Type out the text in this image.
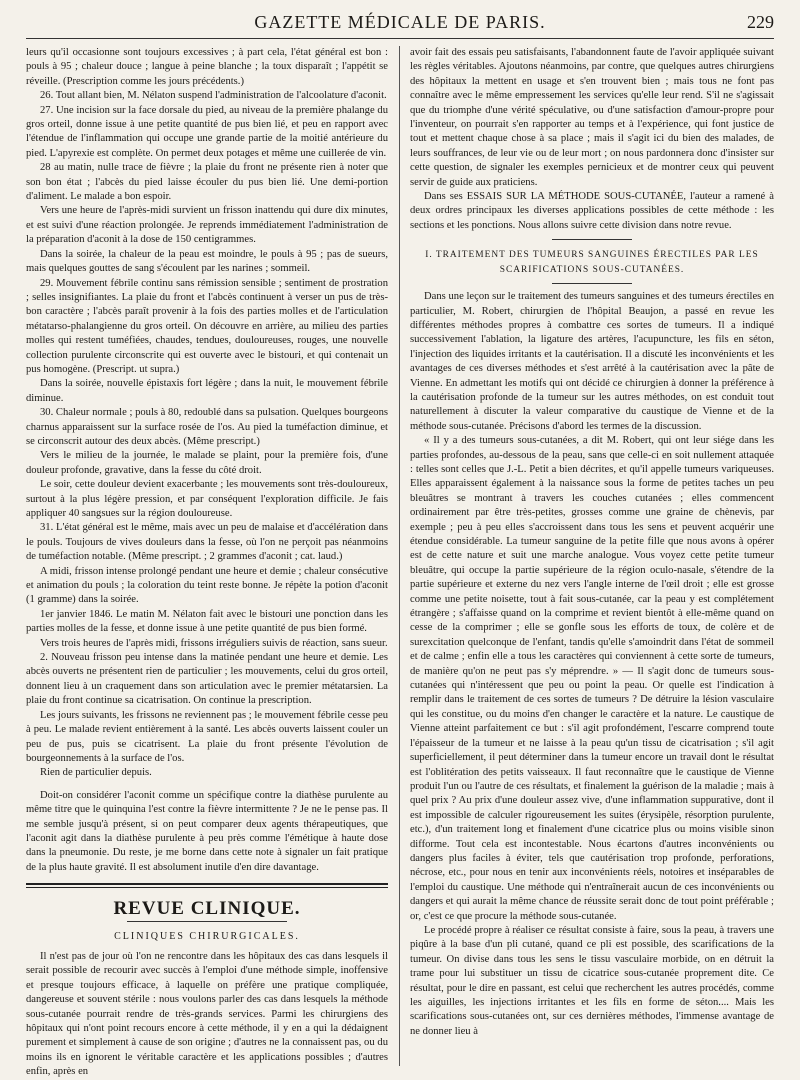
GAZETTE MÉDICALE DE PARIS.	229

leurs qu'il occasionne sont toujours excessives ; à part cela, l'état général est bon : pouls à 95 ; chaleur douce ; langue à peine blanche ; la toux disparaît ; l'appétit se réveille. (Prescription comme les jours précédents.)

26. Tout allant bien, M. Nélaton suspend l'administration de l'alcoolature d'aconit.

27. Une incision sur la face dorsale du pied, au niveau de la première phalange du gros orteil, donne issue à une petite quantité de pus bien lié, et peu en rapport avec l'étendue de l'inflammation qui occupe une grande partie de la moitié antérieure du pied. L'apyrexie est complète. On permet deux potages et même une cuillerée de vin.

28 au matin, nulle trace de fièvre ; la plaie du front ne présente rien à noter que son bon état ; l'abcès du pied laisse écouler du pus bien lié. Une demi-portion d'aliment. Le malade a bon espoir.

Vers une heure de l'après-midi survient un frisson inattendu qui dure dix minutes, et est suivi d'une réaction prolongée. Je reprends immédiatement l'administration de la préparation d'aconit à la dose de 150 centigrammes.

Dans la soirée, la chaleur de la peau est moindre, le pouls à 95 ; pas de sueurs, mais quelques gouttes de sang s'écoulent par les narines ; sommeil.

29. Mouvement fébrile continu sans rémission sensible ; sentiment de prostration ; selles insignifiantes. La plaie du front et l'abcès continuent à verser un pus de très-bon caractère ; l'abcès paraît provenir à la fois des parties molles et de l'articulation métatarso-phalangienne du gros orteil. On découvre en arrière, au milieu des parties molles qui restent tuméfiées, chaudes, tendues, douloureuses, rouges, une nouvelle collection purulente circonscrite qui est ouverte avec le bistouri, et qui contenait un pus homogène. (Prescript. ut supra.)

Dans la soirée, nouvelle épistaxis fort légère ; dans la nuit, le mouvement fébrile diminue.

30. Chaleur normale ; pouls à 80, redoublé dans sa pulsation. Quelques bourgeons charnus apparaissent sur la surface rosée de l'os. Au pied la tuméfaction diminue, et se circonscrit autour des deux abcès. (Même prescript.)

Vers le milieu de la journée, le malade se plaint, pour la première fois, d'une douleur profonde, gravative, dans la fesse du côté droit.

Le soir, cette douleur devient exacerbante ; les mouvements sont très-douloureux, surtout à la plus légère pression, et par conséquent l'exploration difficile. Je fais appliquer 40 sangsues sur la région douloureuse.

31. L'état général est le même, mais avec un peu de malaise et d'accélération dans le pouls. Toujours de vives douleurs dans la fesse, où l'on ne perçoit pas néanmoins de tuméfaction notable. (Même prescript. ; 2 grammes d'aconit ; cat. laud.)

A midi, frisson intense prolongé pendant une heure et demie ; chaleur consécutive et animation du pouls ; la coloration du teint reste bonne. Je répète la potion d'aconit (1 gramme) dans la soirée.

1er janvier 1846. Le matin M. Nélaton fait avec le bistouri une ponction dans les parties molles de la fesse, et donne issue à une petite quantité de pus bien formé.

Vers trois heures de l'après midi, frissons irréguliers suivis de réaction, sans sueur.

2. Nouveau frisson peu intense dans la matinée pendant une heure et demie. Les abcès ouverts ne présentent rien de particulier ; les mouvements, celui du gros orteil, donnent lieu à un craquement dans son articulation avec le premier métatarsien. La plaie du front continue sa cicatrisation. On continue la prescription.

Les jours suivants, les frissons ne reviennent pas ; le mouvement fébrile cesse peu à peu. Le malade revient entièrement à la santé. Les abcès ouverts laissent couler un peu de pus, puis se cicatrisent. La plaie du front présente l'évolution de bourgeonnements à la surface de l'os.

Rien de particulier depuis.

Doit-on considérer l'aconit comme un spécifique contre la diathèse purulente au même titre que le quinquina l'est contre la fièvre intermittente ? Je ne le pense pas. Il me semble jusqu'à présent, si on peut comparer deux agents thérapeutiques, que l'aconit agit dans la diathèse purulente à peu près comme l'émétique à haute dose dans la pneumonie. Du reste, je me borne dans cette note à signaler un fait pratique de la plus haute gravité. Il est absolument inutile d'en dire davantage.

REVUE CLINIQUE.
CLINIQUES CHIRURGICALES.

Il n'est pas de jour où l'on ne rencontre dans les hôpitaux des cas dans lesquels il serait possible de recourir avec succès à l'emploi d'une méthode simple, inoffensive et presque toujours efficace, à laquelle on préfère une pratique compliquée, dangereuse et souvent stérile : nous voulons parler des cas dans lesquels la méthode sous-cutanée pourrait rendre de très-grands services. Parmi les chirurgiens des hôpitaux qui n'ont point recours encore à cette méthode, il y en a qui la dédaignent purement et simplement à cause de son origine ; d'autres ne la connaissent pas, ou du moins ils en ignorent le véritable caractère et les applications possibles ; d'autres enfin, après en

avoir fait des essais peu satisfaisants, l'abandonnent faute de l'avoir appliquée suivant les règles véritables. Ajoutons néanmoins, par contre, que quelques autres chirurgiens des hôpitaux la mettent en usage et s'en trouvent bien ; mais tous ne font pas connaître avec le même empressement les services qu'elle leur rend. S'il ne s'agissait que du triomphe d'une vérité spéculative, ou d'une satisfaction d'amour-propre pour l'inventeur, on pourrait s'en rapporter au temps et à l'expérience, qui font justice de tout et mettent chaque chose à sa place ; mais il s'agit ici du bien des malades, de leurs souffrances, de leur vie ou de leur mort ; on nous pardonnera donc d'insister sur cette question, de signaler les exemples pernicieux et de montrer ceux qui peuvent servir de guide aux praticiens.

Dans ses ESSAIS SUR LA MÉTHODE SOUS-CUTANÉE, l'auteur a ramené à deux ordres principaux les diverses applications possibles de cette méthode : les sections et les ponctions. Nous allons suivre cette division dans notre revue.

I. TRAITEMENT DES TUMEURS SANGUINES ÉRECTILES PAR LES SCARIFICATIONS SOUS-CUTANÉES.

Dans une leçon sur le traitement des tumeurs sanguines et des tumeurs érectiles en particulier, M. Robert, chirurgien de l'hôpital Beaujon, a passé en revue les différentes méthodes propres à combattre ces sortes de tumeurs. Il a indiqué successivement l'ablation, la ligature des artères, l'acupuncture, les fils en séton, l'injection des liquides irritants et la cautérisation. Il a discuté les inconvénients et les avantages de ces diverses méthodes et s'est arrêté à la cautérisation avec la pâte de Vienne. En admettant les motifs qui ont décidé ce chirurgien à donner la préférence à la cautérisation profonde de la tumeur sur les autres méthodes, on est conduit tout naturellement à discuter la valeur comparative du caustique de Vienne et de la méthode sous-cutanée. Précisons d'abord les termes de la discussion.

« Il y a des tumeurs sous-cutanées, a dit M. Robert, qui ont leur siége dans les parties profondes, au-dessous de la peau, sans que celle-ci en soit nullement attaquée : telles sont celles que J.-L. Petit a bien décrites, et qu'il appelle tumeurs variqueuses. Elles apparaissent également à la naissance sous la forme de petites taches un peu bleuâtres se montrant à travers les couches cutanées ; elles commencent ordinairement par être très-petites, grosses comme une graine de chènevis, par exemple ; peu à peu elles s'accroissent dans tous les sens et peuvent acquérir une étendue considérable. La tumeur sanguine de la petite fille que nous avons à opérer est de cette nature et suit une marche analogue. Vous voyez cette petite tumeur bleuâtre, qui occupe la partie supérieure de la région oculo-nasale, s'étendre de la partie supérieure et externe du nez vers l'angle interne de l'œil droit ; elle est grosse comme une petite noisette, tout à fait sous-cutanée, car la peau y est complétement étrangère ; s'affaisse quand on la comprime et revient bientôt à elle-même quand on cesse de la comprimer ; elle se gonfle sous les efforts de toux, de colère et de surexcitation quelconque de l'enfant, tandis qu'elle s'amoindrit dans l'état de sommeil et de calme ; enfin elle a tous les caractères qui conviennent à cette sorte de tumeurs, de manière qu'on ne peut pas s'y méprendre. » — Il s'agit donc de tumeurs sous-cutanées qui n'intéressent que peu ou point la peau. Or quelle est l'indication à remplir dans le traitement de ces sortes de tumeurs ? De détruire la lésion vasculaire qui les constitue, ou du moins d'en changer le caractère et la nature. Le caustique de Vienne atteint parfaitement ce but : s'il agit profondément, l'escarre comprend toute l'épaisseur de la tumeur et ne laisse à la peau qu'un tissu de cicatrisation ; s'il agit superficiellement, il peut déterminer dans la tumeur encore un travail dont le résultat est l'oblitération des petits vaisseaux. Il faut reconnaître que le caustique de Vienne produit l'un ou l'autre de ces résultats, et finalement la guérison de la maladie ; mais à quel prix ? Au prix d'une douleur assez vive, d'une inflammation suppurative, dont il est impossible de calculer rigoureusement les suites (érysipèle, résorption purulente, etc.), d'un traitement long et finalement d'une cicatrice plus ou moins visible sinon difforme. Tout cela est incontestable. Nous écartons d'autres inconvénients ou dangers plus faciles à éviter, tels que cautérisation trop profonde, perforations, nécrose, etc., pour nous en tenir aux inconvénients réels, notoires et inséparables de l'emploi du caustique. Une méthode qui n'entraînerait aucun de ces inconvénients ou dangers et qui aurait la même chance de réussite serait donc de tout point préférable ; or, c'est ce que procure la méthode sous-cutanée.

Le procédé propre à réaliser ce résultat consiste à faire, sous la peau, à travers une piqûre à la base d'un pli cutané, quand ce pli est possible, des scarifications de la tumeur. On divise dans tous les sens le tissu vasculaire morbide, on en détruit la trame pour lui substituer un tissu de cicatrice sous-cutanée proprement dite. Ce résultat, pour le dire en passant, est celui que recherchent les autres procédés, comme les aiguilles, les injections irritantes et les fils en forme de séton.... Mais les scarifications sous-cutanées ont, sur ces dernières méthodes, l'immense avantage de ne donner lieu à
